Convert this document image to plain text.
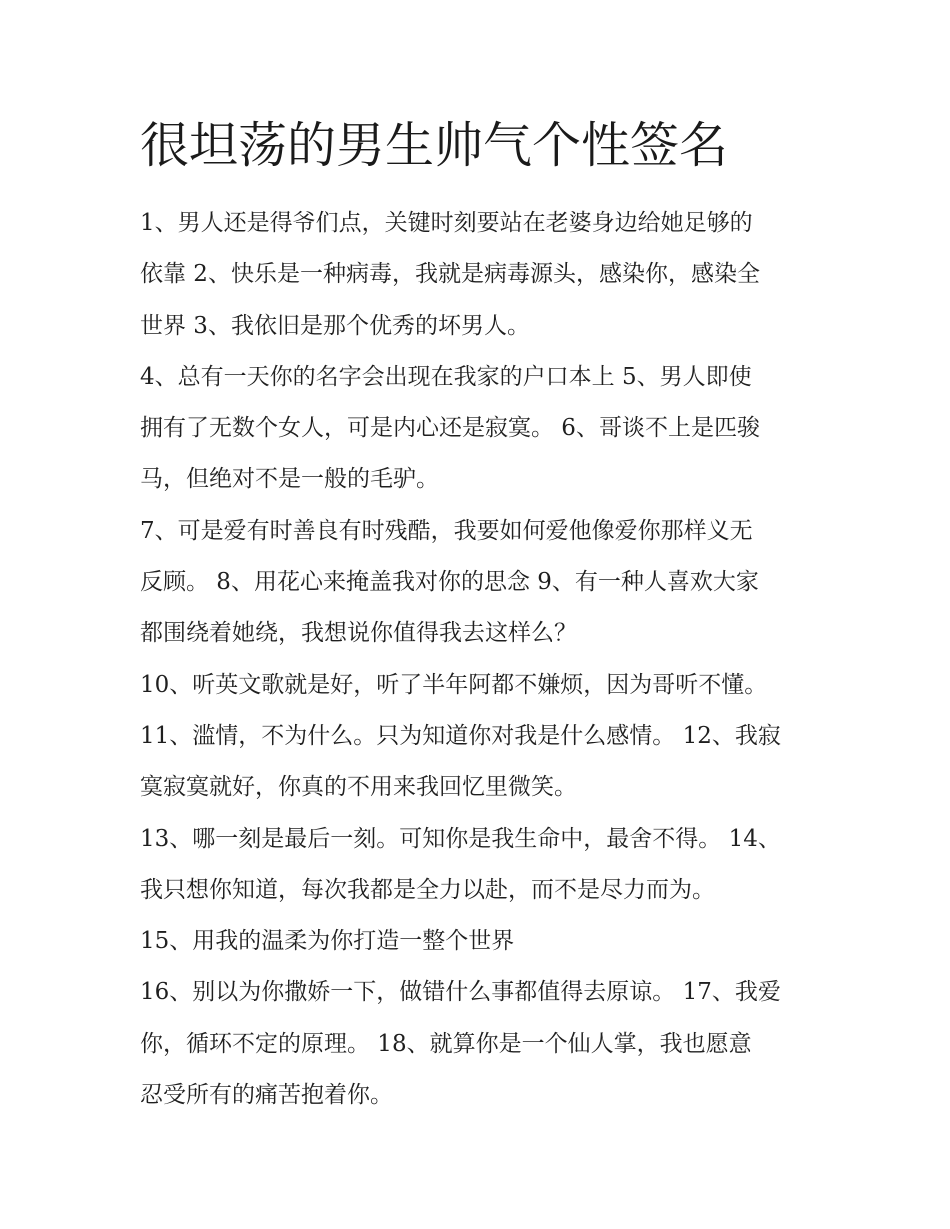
很坦荡的男生帅气个性签名
1、男人还是得爷们点，关键时刻要站在老婆身边给她足够的
依靠 2、快乐是一种病毒，我就是病毒源头，感染你，感染全
世界 3、我依旧是那个优秀的坏男人。
4、总有一天你的名字会出现在我家的户口本上 5、男人即使
拥有了无数个女人，可是内心还是寂寞。 6、哥谈不上是匹骏
马，但绝对不是一般的毛驴。
7、可是爱有时善良有时残酷，我要如何爱他像爱你那样义无
反顾。 8、用花心来掩盖我对你的思念 9、有一种人喜欢大家
都围绕着她绕，我想说你值得我去这样么？
10、听英文歌就是好，听了半年阿都不嫌烦，因为哥听不懂。
11、滥情，不为什么。只为知道你对我是什么感情。 12、我寂
寞寂寞就好，你真的不用来我回忆里微笑。
13、哪一刻是最后一刻。可知你是我生命中，最舍不得。 14、
我只想你知道，每次我都是全力以赴，而不是尽力而为。
15、用我的温柔为你打造一整个世界
16、别以为你撒娇一下，做错什么事都值得去原谅。 17、我爱
你，循环不定的原理。 18、就算你是一个仙人掌，我也愿意
忍受所有的痛苦抱着你。
